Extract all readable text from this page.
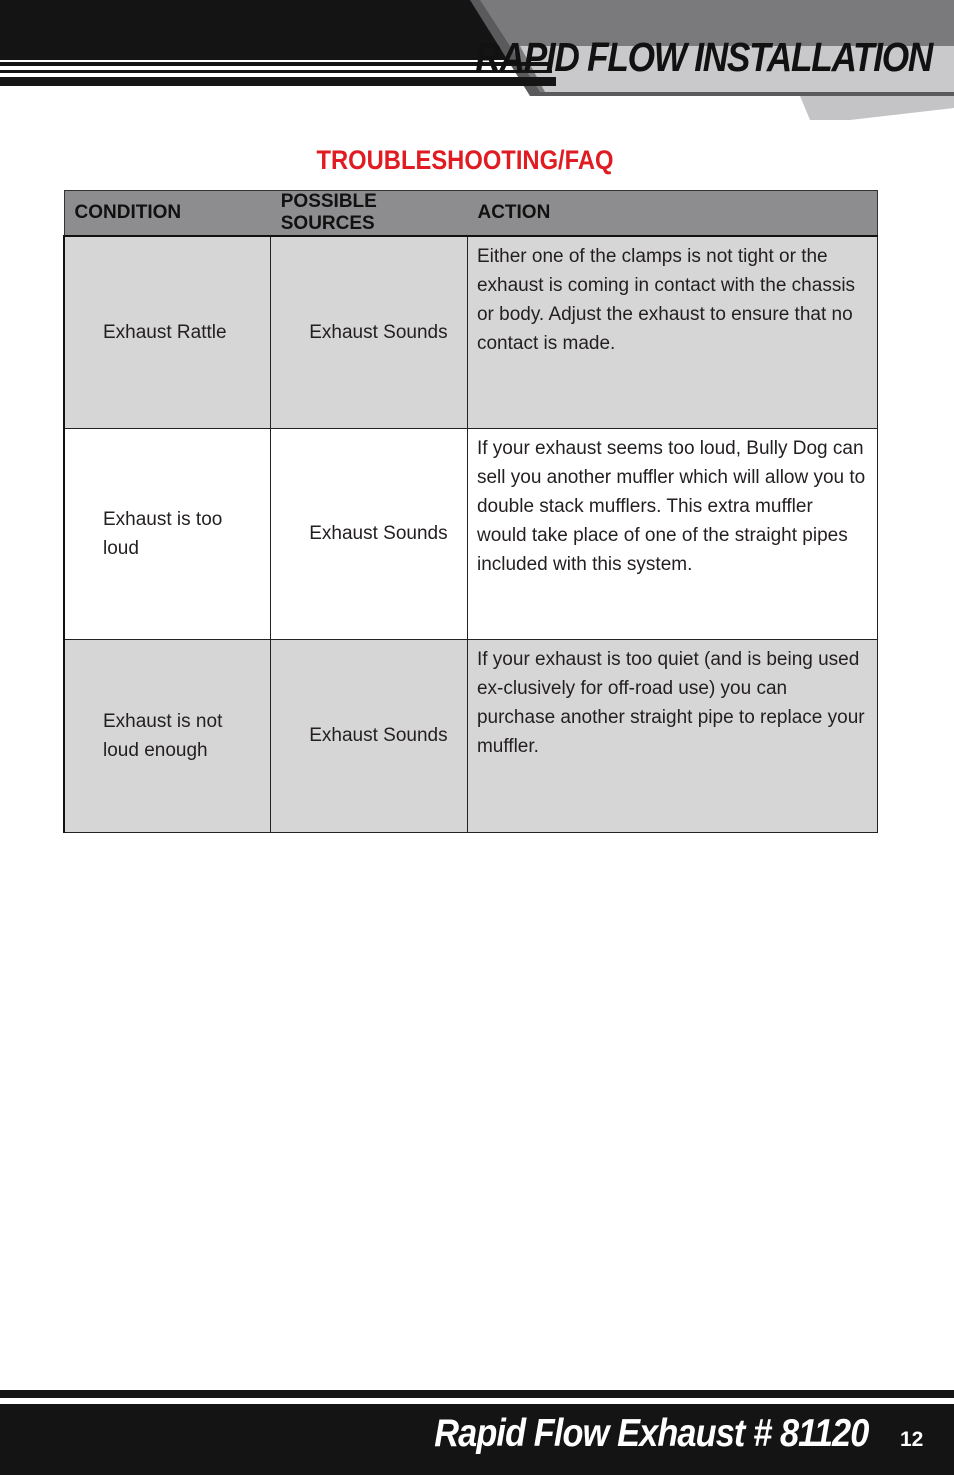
RAPID FLOW INSTALLATION
TROUBLESHOOTING/FAQ
CONDITION	POSSIBLE SOURCES	ACTION
Exhaust Rattle	Exhaust Sounds	Either one of the clamps is not tight or the exhaust is coming in contact with the chassis or body. Adjust the exhaust to ensure that no contact is made.
Exhaust is too loud	Exhaust Sounds	If your exhaust seems too loud, Bully Dog can sell you another muffler which will allow you to double stack mufflers. This extra muffler would take place of one of the straight pipes included with this system.
Exhaust is not loud enough	Exhaust Sounds	If your exhaust is too quiet (and is being used ex-clusively for off-road use) you can purchase another straight pipe to replace your muffler.
Rapid Flow Exhaust # 81120 12
